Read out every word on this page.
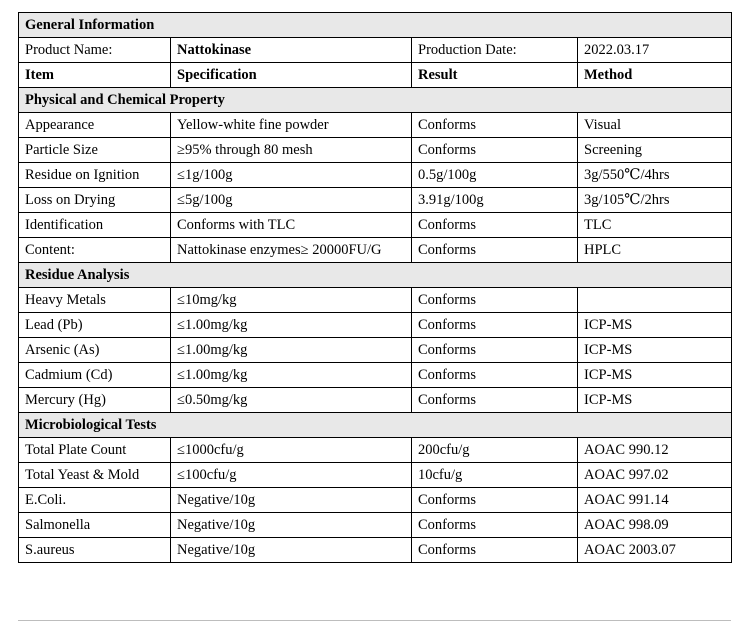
General Information			
Product Name:	Nattokinase	Production Date:	2022.03.17
Item	Specification	Result	Method
Physical and Chemical Property			
Appearance	Yellow-white fine powder	Conforms	Visual
Particle Size	≥95% through 80 mesh	Conforms	Screening
Residue on Ignition	≤1g/100g	0.5g/100g	3g/550℃/4hrs
Loss on Drying	≤5g/100g	3.91g/100g	3g/105℃/2hrs
Identification	Conforms with TLC	Conforms	TLC
Content:	Nattokinase enzymes≥ 20000FU/G	Conforms	HPLC
Residue Analysis			
Heavy Metals	≤10mg/kg	Conforms	
Lead (Pb)	≤1.00mg/kg	Conforms	ICP-MS
Arsenic (As)	≤1.00mg/kg	Conforms	ICP-MS
Cadmium (Cd)	≤1.00mg/kg	Conforms	ICP-MS
Mercury (Hg)	≤0.50mg/kg	Conforms	ICP-MS
Microbiological Tests			
Total Plate Count	≤1000cfu/g	200cfu/g	AOAC 990.12
Total Yeast & Mold	≤100cfu/g	10cfu/g	AOAC 997.02
E.Coli.	Negative/10g	Conforms	AOAC 991.14
Salmonella	Negative/10g	Conforms	AOAC 998.09
S.aureus	Negative/10g	Conforms	AOAC 2003.07
